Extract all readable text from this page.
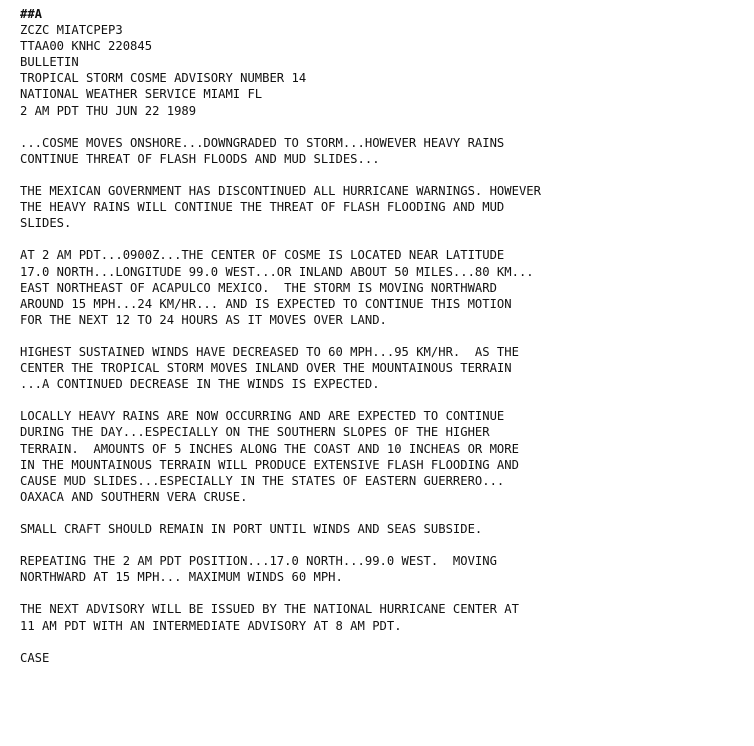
##A
ZCZC MIATCPEP3
TTAA00 KNHC 220845
BULLETIN
TROPICAL STORM COSME ADVISORY NUMBER 14
NATIONAL WEATHER SERVICE MIAMI FL
2 AM PDT THU JUN 22 1989
...COSME MOVES ONSHORE...DOWNGRADED TO STORM...HOWEVER HEAVY RAINS
CONTINUE THREAT OF FLASH FLOODS AND MUD SLIDES...
THE MEXICAN GOVERNMENT HAS DISCONTINUED ALL HURRICANE WARNINGS. HOWEVER
THE HEAVY RAINS WILL CONTINUE THE THREAT OF FLASH FLOODING AND MUD
SLIDES.
AT 2 AM PDT...0900Z...THE CENTER OF COSME IS LOCATED NEAR LATITUDE
17.0 NORTH...LONGITUDE 99.0 WEST...OR INLAND ABOUT 50 MILES...80 KM...
EAST NORTHEAST OF ACAPULCO MEXICO.  THE STORM IS MOVING NORTHWARD
AROUND 15 MPH...24 KM/HR... AND IS EXPECTED TO CONTINUE THIS MOTION
FOR THE NEXT 12 TO 24 HOURS AS IT MOVES OVER LAND.
HIGHEST SUSTAINED WINDS HAVE DECREASED TO 60 MPH...95 KM/HR.  AS THE
CENTER THE TROPICAL STORM MOVES INLAND OVER THE MOUNTAINOUS TERRAIN
...A CONTINUED DECREASE IN THE WINDS IS EXPECTED.
LOCALLY HEAVY RAINS ARE NOW OCCURRING AND ARE EXPECTED TO CONTINUE
DURING THE DAY...ESPECIALLY ON THE SOUTHERN SLOPES OF THE HIGHER
TERRAIN.  AMOUNTS OF 5 INCHES ALONG THE COAST AND 10 INCHEAS OR MORE
IN THE MOUNTAINOUS TERRAIN WILL PRODUCE EXTENSIVE FLASH FLOODING AND
CAUSE MUD SLIDES...ESPECIALLY IN THE STATES OF EASTERN GUERRERO...
OAXACA AND SOUTHERN VERA CRUSE.
SMALL CRAFT SHOULD REMAIN IN PORT UNTIL WINDS AND SEAS SUBSIDE.
REPEATING THE 2 AM PDT POSITION...17.0 NORTH...99.0 WEST.  MOVING
NORTHWARD AT 15 MPH... MAXIMUM WINDS 60 MPH.
THE NEXT ADVISORY WILL BE ISSUED BY THE NATIONAL HURRICANE CENTER AT
11 AM PDT WITH AN INTERMEDIATE ADVISORY AT 8 AM PDT.
CASE
